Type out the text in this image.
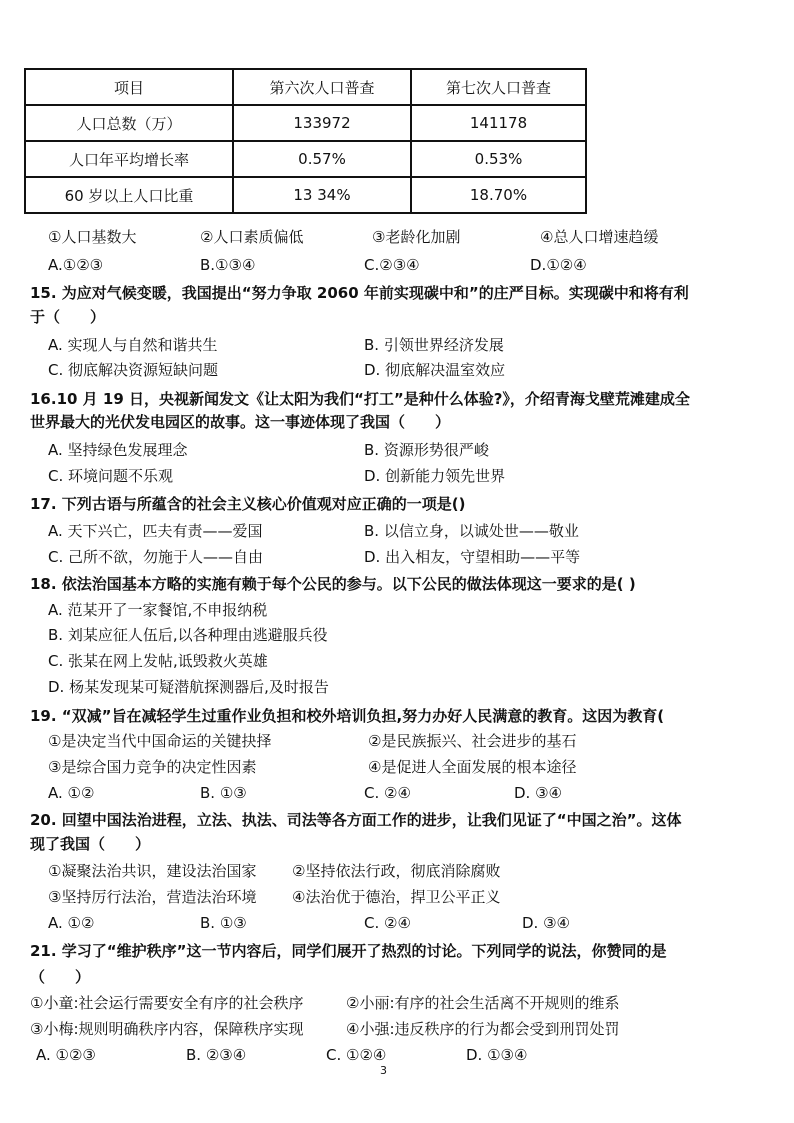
项目	第六次人口普查	第七次人口普查
人口总数（万）	133972	141178
人口年平均增长率	0.57%	0.53%
60 岁以上人口比重	13 34%	18.70%
①人口基数大	②人口素质偏低	③老龄化加剧	④总人口增速趋缓
A.①②③	B.①③④	C.②③④	D.①②④
15. 为应对气候变暖，我国提出“努力争取 2060 年前实现碳中和”的庄严目标。实现碳中和将有利
于（　　）
A. 实现人与自然和谐共生	B. 引领世界经济发展
C. 彻底解决资源短缺问题	D. 彻底解决温室效应
16.10 月 19 日，央视新闻发文《让太阳为我们“打工”是种什么体验?》，介绍青海戈壁荒滩建成全
世界最大的光伏发电园区的故事。这一事迹体现了我国（　　）
A. 坚持绿色发展理念	B. 资源形势很严峻
C. 环境问题不乐观	D. 创新能力领先世界
17. 下列古语与所蕴含的社会主义核心价值观对应正确的一项是()
A. 天下兴亡，匹夫有责——爱国	B. 以信立身，以诚处世——敬业
C. 己所不欲，勿施于人——自由	D. 出入相友，守望相助——平等
18. 依法治国基本方略的实施有赖于每个公民的参与。以下公民的做法体现这一要求的是( )
A. 范某开了一家餐馆,不申报纳税
B. 刘某应征人伍后,以各种理由逃避服兵役
C. 张某在网上发帖,诋毁救火英雄
D. 杨某发现某可疑潜航探测器后,及时报告
19. “双减”旨在减轻学生过重作业负担和校外培训负担,努力办好人民满意的教育。这因为教育(
①是决定当代中国命运的关键抉择	②是民族振兴、社会进步的基石
③是综合国力竞争的决定性因素	④是促进人全面发展的根本途径
A. ①②	B. ①③	C. ②④	D. ③④
20. 回望中国法治进程，立法、执法、司法等各方面工作的进步，让我们见证了“中国之治”。这体
现了我国（　　）
①凝聚法治共识，建设法治国家 ②坚持依法行政，彻底消除腐败
③坚持厉行法治，营造法治环境 ④法治优于德治，捍卫公平正义
A. ①②	B. ①③	C. ②④	D. ③④
21. 学习了“维护秩序”这一节内容后，同学们展开了热烈的讨论。下列同学的说法，你赞同的是
（　　）
①小童:社会运行需要安全有序的社会秩序	②小丽:有序的社会生活离不开规则的维系
③小梅:规则明确秩序内容，保障秩序实现	④小强:违反秩序的行为都会受到刑罚处罚
A. ①②③	B. ②③④	C. ①②④	D. ①③④
3
